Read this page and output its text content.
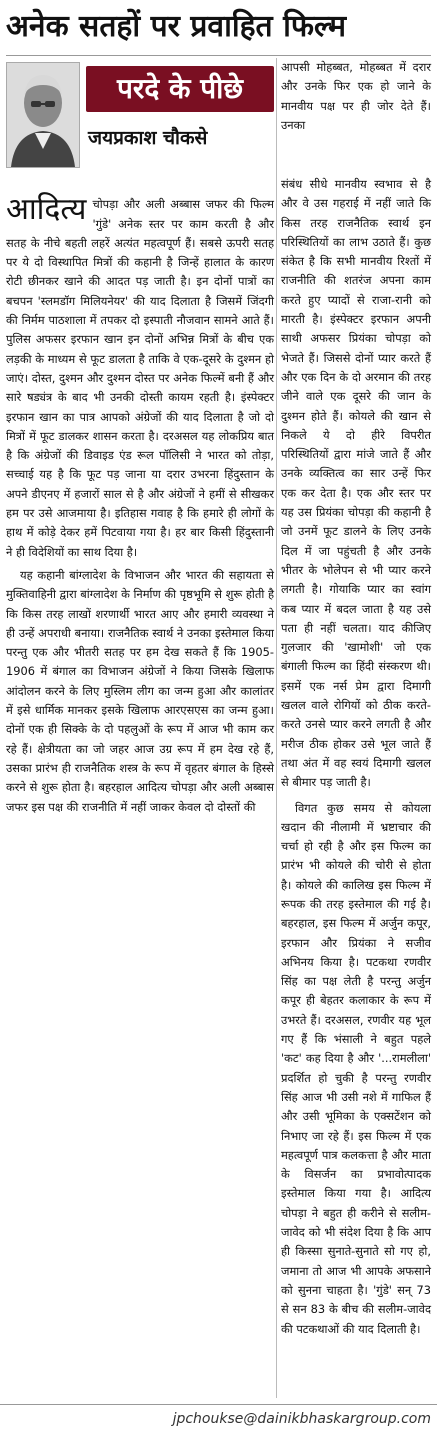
अनेक सतहों पर प्रवाहित फिल्म
परदे के पीछे
जयप्रकाश चौकसे

आदित्य चोपड़ा और अली अब्बास जफर की फिल्म 'गुंडे' अनेक स्तर पर काम करती है और सतह के नीचे बहती लहरें अत्यंत महत्वपूर्ण हैं। सबसे ऊपरी सतह पर ये दो विस्थापित मित्रों की कहानी है जिन्हें हालात के कारण रोटी छीनकर खाने की आदत पड़ जाती है। इन दोनों पात्रों का बचपन 'स्लमडॉग मिलियनेयर' की याद दिलाता है जिसमें जिंदगी की निर्मम पाठशाला में तपकर दो इस्पाती नौजवान सामने आते हैं। पुलिस अफसर इरफान खान इन दोनों अभिन्न मित्रों के बीच एक लड़की के माध्यम से फूट डालता है ताकि वे एक-दूसरे के दुश्मन हो जाएं। दोस्त, दुश्मन और दुश्मन दोस्त पर अनेक फिल्में बनी हैं और सारे षड्यंत्र के बाद भी उनकी दोस्ती कायम रहती है। इंस्पेक्टर इरफान खान का पात्र आपको अंग्रेजों की याद दिलाता है जो दो मित्रों में फूट डालकर शासन करता है। दरअसल यह लोकप्रिय बात है कि अंग्रेजों की डिवाइड एंड रूल पॉलिसी ने भारत को तोड़ा, सच्चाई यह है कि फूट पड़ जाना या दरार उभरना हिंदुस्तान के अपने डीएनए में हजारों साल से है और अंग्रेजों ने हमीं से सीखकर हम पर उसे आजमाया है। इतिहास गवाह है कि हमारे ही लोगों के हाथ में कोड़े देकर हमें पिटवाया गया है। हर बार किसी हिंदुस्तानी ने ही विदेशियों का साथ दिया है।

यह कहानी बांग्लादेश के विभाजन और भारत की सहायता से मुक्तिवाहिनी द्वारा बांग्लादेश के निर्माण की पृष्ठभूमि से शुरू होती है कि किस तरह लाखों शरणार्थी भारत आए और हमारी व्यवस्था ने ही उन्हें अपराधी बनाया। राजनैतिक स्वार्थ ने उनका इस्तेमाल किया परन्तु एक और भीतरी सतह पर हम देख सकते हैं कि 1905-1906 में बंगाल का विभाजन अंग्रेजों ने किया जिसके खिलाफ आंदोलन करने के लिए मुस्लिम लीग का जन्म हुआ और कालांतर में इसे धार्मिक मानकर इसके खिलाफ आरएसएस का जन्म हुआ। दोनों एक ही सिक्के के दो पहलुओं के रूप में आज भी काम कर रहे हैं। क्षेत्रीयता का जो जहर आज उग्र रूप में हम देख रहे हैं, उसका प्रारंभ ही राजनैतिक शस्त्र के रूप में वृहतर बंगाल के हिस्से करने से शुरू होता है। बहरहाल आदित्य चोपड़ा और अली अब्बास जफर इस पक्ष की राजनीति में नहीं जाकर केवल दो दोस्तों की
आपसी मोहब्बत, मोहब्बत में दरार और उनके फिर एक हो जाने के मानवीय पक्ष पर ही जोर देते हैं। उनका
संबंध सीधे मानवीय स्वभाव से है और वे उस गहराई में नहीं जाते कि किस तरह राजनैतिक स्वार्थ इन परिस्थितियों का लाभ उठाते हैं। कुछ संकेत है कि सभी मानवीय रिश्तों में राजनीति की शतरंज अपना काम करते हुए प्यादों से राजा-रानी को मारती है। इंस्पेक्टर इरफान अपनी साथी अफसर प्रियंका चोपड़ा को भेजते हैं। जिससे दोनों प्यार करते हैं और एक दिन के दो अरमान की तरह जीने वाले एक दूसरे की जान के दुश्मन होते हैं। कोयले की खान से निकले ये दो हीरे विपरीत परिस्थितियों द्वारा मांजे जाते हैं और उनके व्यक्तित्व का सार उन्हें फिर एक कर देता है। एक और स्तर पर यह उस प्रियंका चोपड़ा की कहानी है जो उनमें फूट डालने के लिए उनके दिल में जा पहुंचती है और उनके भीतर के भोलेपन से भी प्यार करने लगती है। गोयाकि प्यार का स्वांग कब प्यार में बदल जाता है यह उसे पता ही नहीं चलता। याद कीजिए गुलजार की 'खामोशी' जो एक बंगाली फिल्म का हिंदी संस्करण थी। इसमें एक नर्स प्रेम द्वारा दिमागी खलल वाले रोगियों को ठीक करते-करते उनसे प्यार करने लगती है और मरीज ठीक होकर उसे भूल जाते हैं तथा अंत में वह स्वयं दिमागी खलल से बीमार पड़ जाती है।
विगत कुछ समय से कोयला खदान की नीलामी में भ्रष्टाचार की चर्चा हो रही है और इस फिल्म का प्रारंभ भी कोयले की चोरी से होता है। कोयले की कालिख इस फिल्म में रूपक की तरह इस्तेमाल की गई है। बहरहाल, इस फिल्म में अर्जुन कपूर, इरफान और प्रियंका ने सजीव अभिनय किया है। पटकथा रणवीर सिंह का पक्ष लेती है परन्तु अर्जुन कपूर ही बेहतर कलाकार के रूप में उभरते हैं। दरअसल, रणवीर यह भूल गए हैं कि भंसाली ने बहुत पहले 'कट' कह दिया है और '...रामलीला' प्रदर्शित हो चुकी है परन्तु रणवीर सिंह आज भी उसी नशे में गाफिल हैं और उसी भूमिका के एक्सटेंशन को निभाए जा रहे हैं। इस फिल्म में एक महत्वपूर्ण पात्र कलकत्ता है और माता के विसर्जन का प्रभावोत्पादक इस्तेमाल किया गया है। आदित्य चोपड़ा ने बहुत ही करीने से सलीम-जावेद को भी संदेश दिया है कि आप ही किस्सा सुनाते-सुनाते सो गए हो, जमाना तो आज भी आपके अफसाने को सुनना चाहता है। 'गुंडे' सन् 73 से सन 83 के बीच की सलीम-जावेद की पटकथाओं की याद दिलाती है।
jpchoukse@dainikbhaskargroup.com
